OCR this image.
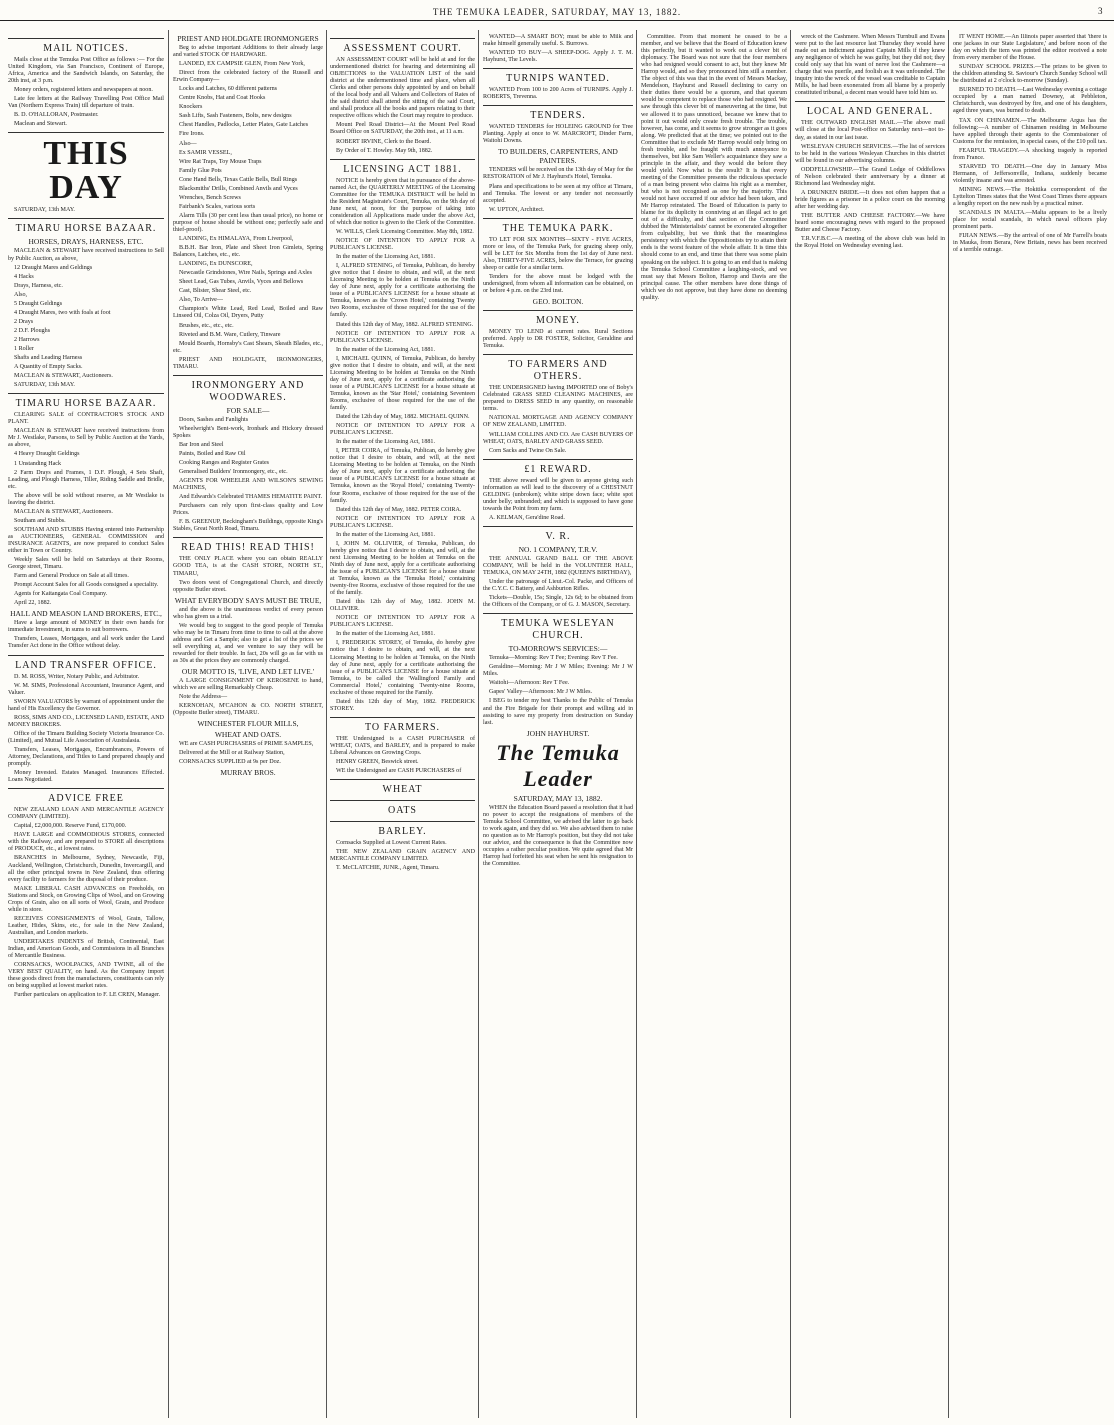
THE TEMUKA LEADER, SATURDAY, MAY 13, 1882.	3

MAIL NOTICES.

Mails close at the Temuka Post Office as follows :— For the United Kingdom, via San Francisco, Continent of Europe, Africa, America and the Sandwich Islands, on Saturday, the 20th inst, at 3 p.m.

Money orders, registered letters and newspapers at noon.

Late fee letters at the Railway Travelling Post Office Mail Van (Northern Express Train) till departure of train.

B. D. O'HALLORAN, Postmaster.

Maclean and Stewart.

THIS DAY

SATURDAY, 13th MAY.

TIMARU HORSE BAZAAR.

HORSES, DRAYS, HARNESS, ETC.

MACLEAN & STEWART have received instructions to Sell by Public Auction, as above,

12 Draught Mares and Geldings

4 Hacks

Drays, Harness, etc.

Also,

5 Draught Geldings

4 Draught Mares, two with foals at foot

2 Drays

2 D.F. Ploughs

2 Harrows

1 Roller

Shafts and Leading Harness

A Quantity of Empty Sacks.

MACLEAN & STEWART, Auctioneers.

SATURDAY, 13th MAY.

TIMARU HORSE BAZAAR.

CLEARING SALE of CONTRACTOR'S STOCK AND PLANT.

MACLEAN & STEWART have received instructions from Mr J. Westlake, Parsons, to Sell by Public Auction at the Yards, as above,

4 Heavy Draught Geldings

1 Unstanding Hack

2 Farm Drays and Frames, 1 D.F. Plough, 4 Sets Shaft, Leading, and Plough Harness, Tiller, Riding Saddle and Bridle, etc.

The above will be sold without reserve, as Mr Westlake is leaving the district.

MACLEAN & STEWART, Auctioneers.

Southam and Stubbs.

SOUTHAM AND STUBBS Having entered into Partnership as AUCTIONEERS, GENERAL COMMISSION and INSURANCE AGENTS, are now prepared to conduct Sales either in Town or Country.

Weekly Sales will be held on Saturdays at their Rooms, George street, Timaru.

Farm and General Produce on Sale at all times.

Prompt Account Sales for all Goods consigned a speciality.

Agents for Kaitangata Coal Company.

April 22, 1882.

HALL AND MEASON LAND BROKERS, ETC.,

Have a large amount of MONEY in their own hands for immediate Investment, in sums to suit borrowers.

Transfers, Leases, Mortgages, and all work under the Land Transfer Act done in the Office without delay.

LAND TRANSFER OFFICE.

D. M. ROSS, Writer, Notary Public, and Arbitrator.

W. M. SIMS, Professional Accountant, Insurance Agent, and Valuer.

SWORN VALUATORS by warrant of appointment under the hand of His Excellency the Governor.

ROSS, SIMS AND CO., LICENSED LAND, ESTATE, AND MONEY BROKERS.

Office of the Timaru Building Society Victoria Insurance Co. (Limited), and Mutual Life Association of Australasia.

Transfers, Leases, Mortgages, Encumbrances, Powers of Attorney, Declarations, and Titles to Land prepared cheaply and promptly.

Money Invested. Estates Managed. Insurances Effected. Loans Negotiated.

ADVICE FREE

NEW ZEALAND LOAN AND MERCANTILE AGENCY COMPANY (LIMITED).

Capital, £2,000,000. Reserve Fund, £170,000.

HAVE LARGE and COMMODIOUS STORES, connected with the Railway, and are prepared to STORE all descriptions of PRODUCE, etc., at lowest rates.

BRANCHES in Melbourne, Sydney, Newcastle, Fiji, Auckland, Wellington, Christchurch, Dunedin, Invercargill, and all the other principal towns in New Zealand, thus offering every facility to farmers for the disposal of their produce.

MAKE LIBERAL CASH ADVANCES on Freeholds, on Stations and Stock, on Growing Clips of Wool, and on Growing Crops of Grain, also on all sorts of Wool, Grain, and Produce while in store.

RECEIVES CONSIGNMENTS of Wool, Grain, Tallow, Leather, Hides, Skins, etc., for sale in the New Zealand, Australian, and London markets.

UNDERTAKES INDENTS of British, Continental, East Indian, and American Goods, and Commissions in all Branches of Mercantile Business.

CORNSACKS, WOOLPACKS, AND TWINE, all of the VERY BEST QUALITY, on hand. As the Company import these goods direct from the manufacturers, constituents can rely on being supplied at lowest market rates.

Further particulars on application to F. LE CREN, Manager.

PRIEST AND HOLDGATE IRONMONGERS

Beg to advise important Additions to their already large and varied STOCK OF HARDWARE.

LANDED, EX CAMPSIE GLEN, From New York,

Direct from the celebrated factory of the Russell and Erwin Company—

Locks and Latches, 60 different patterns

Centre Knobs, Hat and Coat Hooks

Knockers

Sash Lifts, Sash Fasteners, Bolts, new designs

Chest Handles, Padlocks, Letter Plates, Gate Latches

Fire Irons.

Also—

Ex SAMIR VESSEL,

Wire Rat Traps, Toy Mouse Traps

Family Glue Pots

Cone Hand Bells, Texas Cattle Bells, Bull Rings

Blacksmiths' Drills, Combined Anvils and Vyces

Wrenches, Bench Screws

Fairbank's Scales, various sorts

Alarm Tills (30 per cent less than usual price), no home or purpose of house should be without one; perfectly safe and thief-proof).

LANDING, Ex HIMALAYA, From Liverpool,

B.B.H. Bar Iron, Plate and Sheet Iron Gimlets, Spring Balances, Latches, etc., etc.

LANDING, Ex DUNSCORE,

Newcastle Grindstones, Wire Nails, Springs and Axles

Sheet Lead, Gas Tubes, Anvils, Vyces and Bellows

Cast, Blister, Shear Steel, etc.

Also, To Arrive—

Champion's White Lead, Red Lead, Boiled and Raw Linseed Oil, Colza Oil, Dryers, Putty

Brushes, etc., etc., etc.

Riveted and B.M. Ware, Cutlery, Tinware

Mould Boards, Hornsby's Cast Shears, Skeath Blades, etc., etc.

PRIEST AND HOLDGATE, IRONMONGERS, TIMARU.

IRONMONGERY AND WOODWARES.

FOR SALE—

Doors, Sashes and Fanlights

Wheelwright's Bent-work, Ironbark and Hickory dressed Spokes

Bar Iron and Steel

Paints, Boiled and Raw Oil

Cooking Ranges and Register Grates

Generalised Builders' Ironmongery, etc., etc.

AGENTS FOR WHEELER AND WILSON'S SEWING MACHINES,

And Edwards's Celebrated THAMES HEMATITE PAINT.

Purchasers can rely upon first-class quality and Low Prices.

F. B. GREENUP, Beckingham's Buildings, opposite King's Stables, Great North Road, Timaru.

READ THIS! READ THIS!

THE ONLY PLACE where you can obtain REALLY GOOD TEA, is at the CASH STORE, NORTH ST., TIMARU,

Two doors west of Congregational Church, and directly opposite Butler street.

WHAT EVERYBODY SAYS MUST BE TRUE,

and the above is the unanimous verdict of every person who has given us a trial.

We would beg to suggest to the good people of Temuka who may be in Timaru from time to time to call at the above address and Get a Sample; also to get a list of the prices we sell everything at, and we venture to say they will be rewarded for their trouble. In fact, 20s will go as far with us as 30s at the prices they are commonly charged.

OUR MOTTO IS, 'LIVE, AND LET LIVE.'

A LARGE CONSIGNMENT OF KEROSENE to hand, which we are selling Remarkably Cheap.

Note the Address—

KERNOHAN, M'CAHON & CO. NORTH STREET, (Opposite Butler street), TIMARU.

WINCHESTER FLOUR MILLS,

WHEAT AND OATS.

WE are CASH PURCHASERS of PRIME SAMPLES,

Delivered at the Mill or at Railway Station,

CORNSACKS SUPPLIED at 9s per Doz.

MURRAY BROS.

ASSESSMENT COURT.

AN ASSESSMENT COURT will be held at and for the undermentioned district for hearing and determining all OBJECTIONS to the VALUATION LIST of the said district at the undermentioned time and place, when all Clerks and other persons duly appointed by and on behalf of the local body and all Valuers and Collectors of Rates of the said district shall attend the sitting of the said Court, and shall produce all the books and papers relating to their respective offices which the Court may require to produce.

Mount Peel Road District—At the Mount Peel Road Board Office on SATURDAY, the 20th inst., at 11 a.m.

ROBERT IRVINE, Clerk to the Board.

By Order of T. Howley. May 9th, 1882.

LICENSING ACT 1881.

NOTICE is hereby given that in pursuance of the above-named Act, the QUARTERLY MEETING of the Licensing Committee for the TEMUKA DISTRICT will be held in the Resident Magistrate's Court, Temuka, on the 9th day of June next, at noon, for the purpose of taking into consideration all Applications made under the above Act, of which due notice is given to the Clerk of the Committee.

W. WILLS, Clerk Licensing Committee. May 8th, 1882.

NOTICE OF INTENTION TO APPLY FOR A PUBLICAN'S LICENSE.

In the matter of the Licensing Act, 1881.

I, ALFRED STENING, of Temuka, Publican, do hereby give notice that I desire to obtain, and will, at the next Licensing Meeting to be holden at Temuka on the Ninth day of June next, apply for a certificate authorising the issue of a PUBLICAN'S LICENSE for a house situate at Temuka, known as the 'Crown Hotel,' containing Twenty two Rooms, exclusive of those required for the use of the family.

Dated this 12th day of May, 1882. ALFRED STENING.

NOTICE OF INTENTION TO APPLY FOR A PUBLICAN'S LICENSE.

In the matter of the Licensing Act, 1881.

I, MICHAEL QUINN, of Temuka, Publican, do hereby give notice that I desire to obtain, and will, at the next Licensing Meeting to be holden at Temuka on the Ninth day of June next, apply for a certificate authorising the issue of a PUBLICAN'S LICENSE for a house situate at Temuka, known as the 'Star Hotel,' containing Seventeen Rooms, exclusive of those required for the use of the family.

Dated the 12th day of May, 1882. MICHAEL QUINN.

NOTICE OF INTENTION TO APPLY FOR A PUBLICAN'S LICENSE.

In the matter of the Licensing Act, 1881.

I, PETER COIRA, of Temuka, Publican, do hereby give notice that I desire to obtain, and will, at the next Licensing Meeting to be holden at Temuka, on the Ninth day of June next, apply for a certificate authorising the issue of a PUBLICAN'S LICENSE for a house situate at Temuka, known as the 'Royal Hotel,' containing Twenty-four Rooms, exclusive of those required for the use of the family.

Dated this 12th day of May, 1882. PETER COIRA.

NOTICE OF INTENTION TO APPLY FOR A PUBLICAN'S LICENSE.

In the matter of the Licensing Act, 1881.

I, JOHN M. OLLIVIER, of Temuka, Publican, do hereby give notice that I desire to obtain, and will, at the next Licensing Meeting to be holden at Temuka on the Ninth day of June next, apply for a certificate authorising the issue of a PUBLICAN'S LICENSE for a house situate at Temuka, known as the 'Temuka Hotel,' containing twenty-five Rooms, exclusive of those required for the use of the family.

Dated this 12th day of May, 1882. JOHN M. OLLIVIER.

NOTICE OF INTENTION TO APPLY FOR A PUBLICAN'S LICENSE.

In the matter of the Licensing Act, 1881.

I, FREDERICK STOREY, of Temuka, do hereby give notice that I desire to obtain, and will, at the next Licensing Meeting to be holden at Temuka, on the Ninth day of June next, apply for a certificate authorising the issue of a PUBLICAN'S LICENSE for a house situate at Temuka, to be called the 'Wallingford Family and Commercial Hotel,' containing Twenty-nine Rooms, exclusive of those required for the Family.

Dated this 12th day of May, 1882. FREDERICK STOREY.

TO FARMERS.

THE Undersigned is a CASH PURCHASER of WHEAT, OATS, and BARLEY, and is prepared to make Liberal Advances on Growing Crops.

HENRY GREEN, Beswick street.

WE the Undersigned are CASH PURCHASERS of

WHEAT

OATS

BARLEY.

Cornsacks Supplied at Lowest Current Rates.

THE NEW ZEALAND GRAIN AGENCY AND MERCANTILE COMPANY LIMITED.

T. McCLATCHIE, JUNR., Agent, Timaru.

WANTED—A SMART BOY; must be able to Milk and make himself generally useful. S. Burrows.

WANTED TO BUY—A SHEEP-DOG. Apply J. T. M. Hayhurst, The Levels.

TURNIPS WANTED.

WANTED From 100 to 200 Acres of TURNIPS. Apply J. ROBERTS, Trevenna.

TENDERS.

WANTED TENDERS for HOLEING GROUND for Tree Planting. Apply at once to W. MARCROFT, Dinder Farm, Waitohi Downs.

TO BUILDERS, CARPENTERS, AND PAINTERS.

TENDERS will be received on the 13th day of May for the RESTORATION of Mr J. Hayhurst's Hotel, Temuka.

Plans and specifications to be seen at my office at Timaru, and Temuka. The lowest or any tender not necessarily accepted.

W. UPTON, Architect.

THE TEMUKA PARK.

TO LET FOR SIX MONTHS—SIXTY - FIVE ACRES, more or less, of the Temuka Park, for grazing sheep only, will be LET for Six Months from the 1st day of June next. Also, THIRTY-FIVE ACRES, below the Terrace, for grazing sheep or cattle for a similar term.

Tenders for the above must be lodged with the undersigned, from whom all information can be obtained, on or before 4 p.m. on the 23rd inst.

GEO. BOLTON.

MONEY.

MONEY TO LEND at current rates. Rural Sections preferred. Apply to DR FOSTER, Solicitor, Geraldine and Temuka.

TO FARMERS AND OTHERS.

THE UNDERSIGNED having IMPORTED one of Boby's Celebrated GRASS SEED CLEANING MACHINES, are prepared to DRESS SEED in any quantity, on reasonable terms.

NATIONAL MORTGAGE AND AGENCY COMPANY OF NEW ZEALAND, LIMITED.

WILLIAM COLLINS AND CO. Are CASH BUYERS OF WHEAT, OATS, BARLEY AND GRASS SEED.

Corn Sacks and Twine On Sale.

£1 REWARD.

THE above reward will be given to anyone giving such information as will lead to the discovery of a CHESTNUT GELDING (unbroken); white stripe down face; white spot under belly; unbranded; and which is supposed to have gone towards the Point from my farm.

A. KELMAN, Gera'dine Road.

V. R.

NO. 1 COMPANY, T.R.V.

THE ANNUAL GRAND BALL OF THE ABOVE COMPANY, Will be held in the VOLUNTEER HALL, TEMUKA, ON MAY 24TH, 1882 (QUEEN'S BIRTHDAY),

Under the patronage of Lieut.-Col. Packe, and Officers of the C.Y.C. C Battery, and Ashburton Rifles.

Tickets—Double, 15s; Single, 12s 6d; to be obtained from the Officers of the Company, or of G. J. MASON, Secretary.

TEMUKA WESLEYAN CHURCH.

TO-MORROW'S SERVICES:—

Temuka—Morning: Rev T Fee; Evening: Rev T Fee.

Geraldine—Morning: Mr J W Miles; Evening: Mr J W Miles.

Waitohi—Afternoon: Rev T Fee.

Gapes' Valley—Afternoon: Mr J W Miles.

I BEG to tender my best Thanks to the Public of Temuka and the Fire Brigade for their prompt and willing aid in assisting to save my property from destruction on Sunday last.

JOHN HAYHURST.

The Temuka Leader

SATURDAY, MAY 13, 1882.

WHEN the Education Board passed a resolution that it had no power to accept the resignations of members of the Temuka School Committee, we advised the latter to go back to work again, and they did so. We also advised them to raise no question as to Mr Harrop's position, but they did not take our advice, and the consequence is that the Committee now occupies a rather peculiar position. We quite agreed that Mr Harrop had forfeited his seat when he sent his resignation to the Committee.

Committee. From that moment he ceased to be a member, and we believe that the Board of Education knew this perfectly, but it wanted to work out a clever bit of diplomacy. The Board was not sure that the four members who had resigned would consent to act, but they knew Mr Harrop would, and so they pronounced him still a member. The object of this was that in the event of Messrs Mackay, Mendelson, Hayhurst and Russell declining to carry on their duties there would be a quorum, and that quorum would be competent to replace those who had resigned. We saw through this clever bit of maneuvering at the time, but we allowed it to pass unnoticed, because we knew that to point it out would only create fresh trouble. The trouble, however, has come, and it seems to grow stronger as it goes along. We predicted that at the time; we pointed out to the Committee that to exclude Mr Harrop would only bring on fresh trouble, and be fraught with much annoyance to themselves, but like Sam Weller's acquaintance they saw a principle in the affair, and they would die before they would yield. Now what is the result? It is that every meeting of the Committee presents the ridiculous spectacle of a man being present who claims his right as a member, but who is not recognised as one by the majority. This would not have occurred if our advice had been taken, and Mr Harrop reinstated. The Board of Education is party to blame for its duplicity in conniving at an illegal act to get out of a difficulty, and that section of the Committee dubbed the 'Ministerialists' cannot be exonerated altogether from culpability, but we think that the meaningless persistency with which the Oppositionists try to attain their ends is the worst feature of the whole affair. It is time this should come to an end, and time that there was some plain speaking on the subject. It is going to an end that is making the Temuka School Committee a laughing-stock, and we must say that Messrs Bolton, Harrop and Davis are the principal cause. The other members have done things of which we do not approve, but they have done no deeming quality.

wreck of the Cashmere. When Messrs Turnbull and Evans were put to the last resource last Thursday they would have made out an indictment against Captain Mills if they knew any negligence of which he was guilty, but they did not; they could only say that his want of nerve lost the Cashmere—a charge that was puerile, and foolish as it was unfounded. The inquiry into the wreck of the vessel was creditable to Captain Mills, he had been exonerated from all blame by a properly constituted tribunal, a decent man would have told him so.

LOCAL AND GENERAL.

THE OUTWARD ENGLISH MAIL.—The above mail will close at the local Post-office on Saturday next—not to-day, as stated in our last issue.

WESLEYAN CHURCH SERVICES.—The list of services to be held in the various Wesleyan Churches in this district will be found in our advertising columns.

ODDFELLOWSHIP.—The Grand Lodge of Oddfellows of Nelson celebrated their anniversary by a dinner at Richmond last Wednesday night.

A DRUNKEN BRIDE.—It does not often happen that a bride figures as a prisoner in a police court on the morning after her wedding day.

THE BUTTER AND CHEESE FACTORY.—We have heard some encouraging news with regard to the proposed Butter and Cheese Factory.

T.R.V.F.B.C.—A meeting of the above club was held in the Royal Hotel on Wednesday evening last.

IT WENT HOME.—An Illinois paper asserted that 'there is one jackass in our State Legislature,' and before noon of the day on which the item was printed the editor received a note from every member of the House.

SUNDAY SCHOOL PRIZES.—The prizes to be given to the children attending St. Saviour's Church Sunday School will be distributed at 2 o'clock to-morrow (Sunday).

BURNED TO DEATH.—Last Wednesday evening a cottage occupied by a man named Downey, at Pebbleton, Christchurch, was destroyed by fire, and one of his daughters, aged three years, was burned to death.

TAX ON CHINAMEN.—The Melbourne Argus has the following:—A number of Chinamen residing in Melbourne have applied through their agents to the Commissioner of Customs for the remission, in special cases, of the £10 poll tax.

FEARFUL TRAGEDY.—A shocking tragedy is reported from France.

STARVED TO DEATH.—One day in January Miss Hermann, of Jeffersonville, Indiana, suddenly became violently insane and was arrested.

MINING NEWS.—The Hokitika correspondent of the Lyttelton Times states that the West Coast Times there appears a lengthy report on the new rush by a practical miner.

SCANDALS IN MALTA.—Malta appears to be a lively place for social scandals, in which naval officers play prominent parts.

FIJIAN NEWS.—By the arrival of one of Mr Farrell's boats in Mauka, from Berara, New Britain, news has been received of a terrible outrage.
